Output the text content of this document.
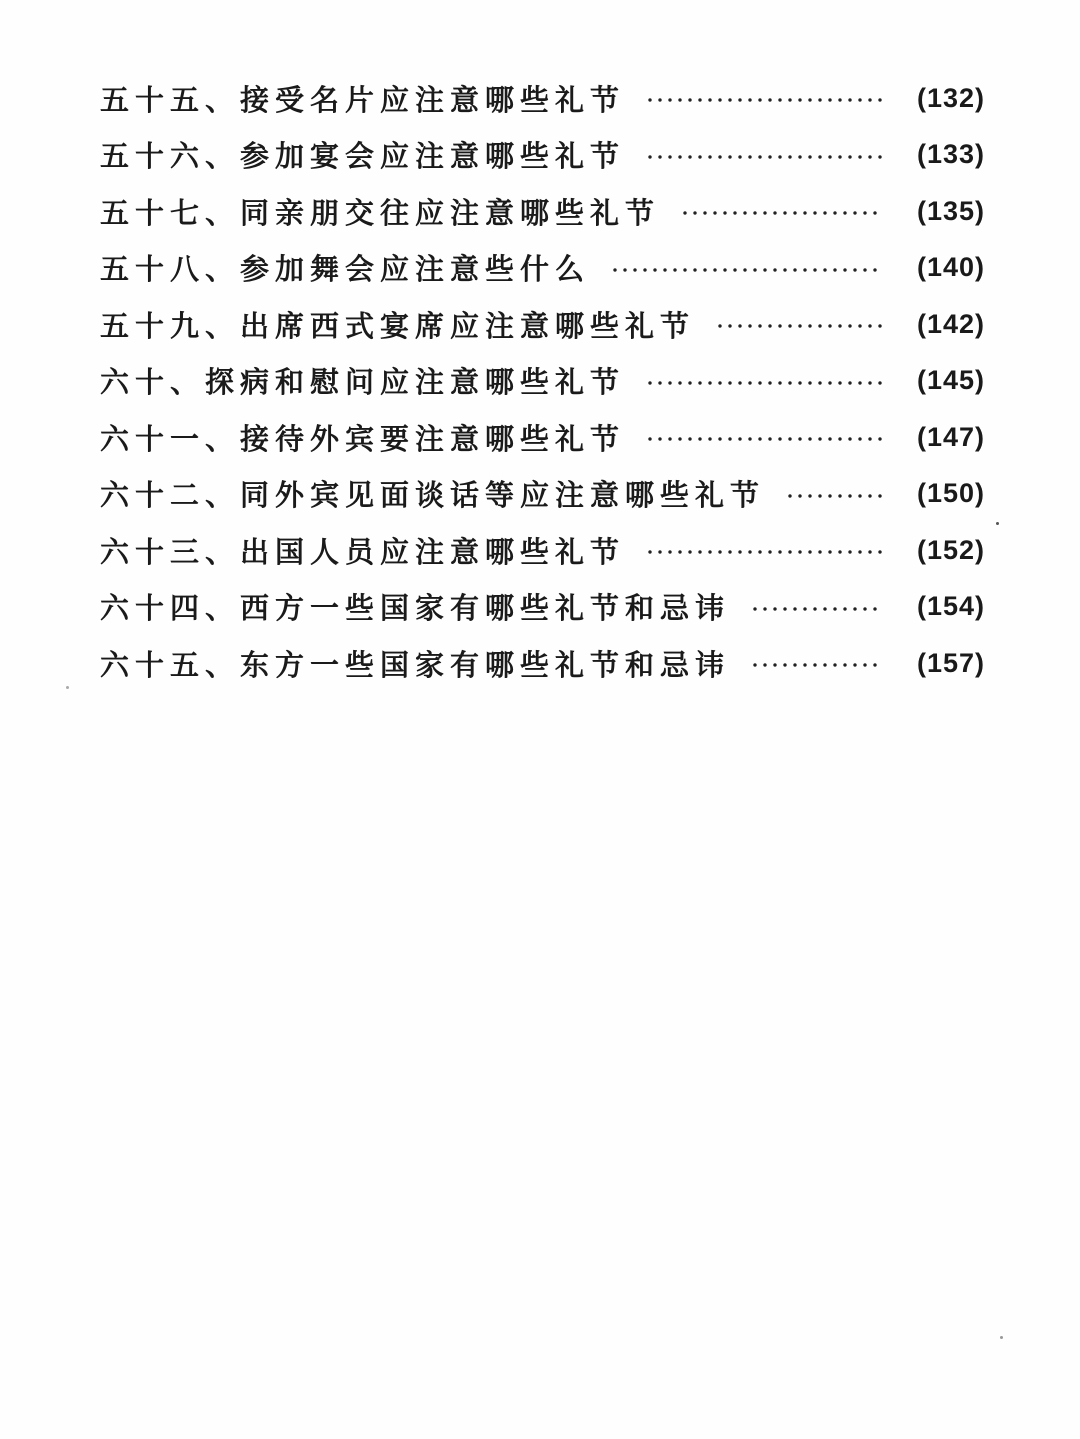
五十五、接受名片应注意哪些礼节	(132)
五十六、参加宴会应注意哪些礼节	(133)
五十七、同亲朋交往应注意哪些礼节	(135)
五十八、参加舞会应注意些什么	(140)
五十九、出席西式宴席应注意哪些礼节	(142)
六十、探病和慰问应注意哪些礼节	(145)
六十一、接待外宾要注意哪些礼节	(147)
六十二、同外宾见面谈话等应注意哪些礼节	(150)
六十三、出国人员应注意哪些礼节	(152)
六十四、西方一些国家有哪些礼节和忌讳	(154)
六十五、东方一些国家有哪些礼节和忌讳	(157)
